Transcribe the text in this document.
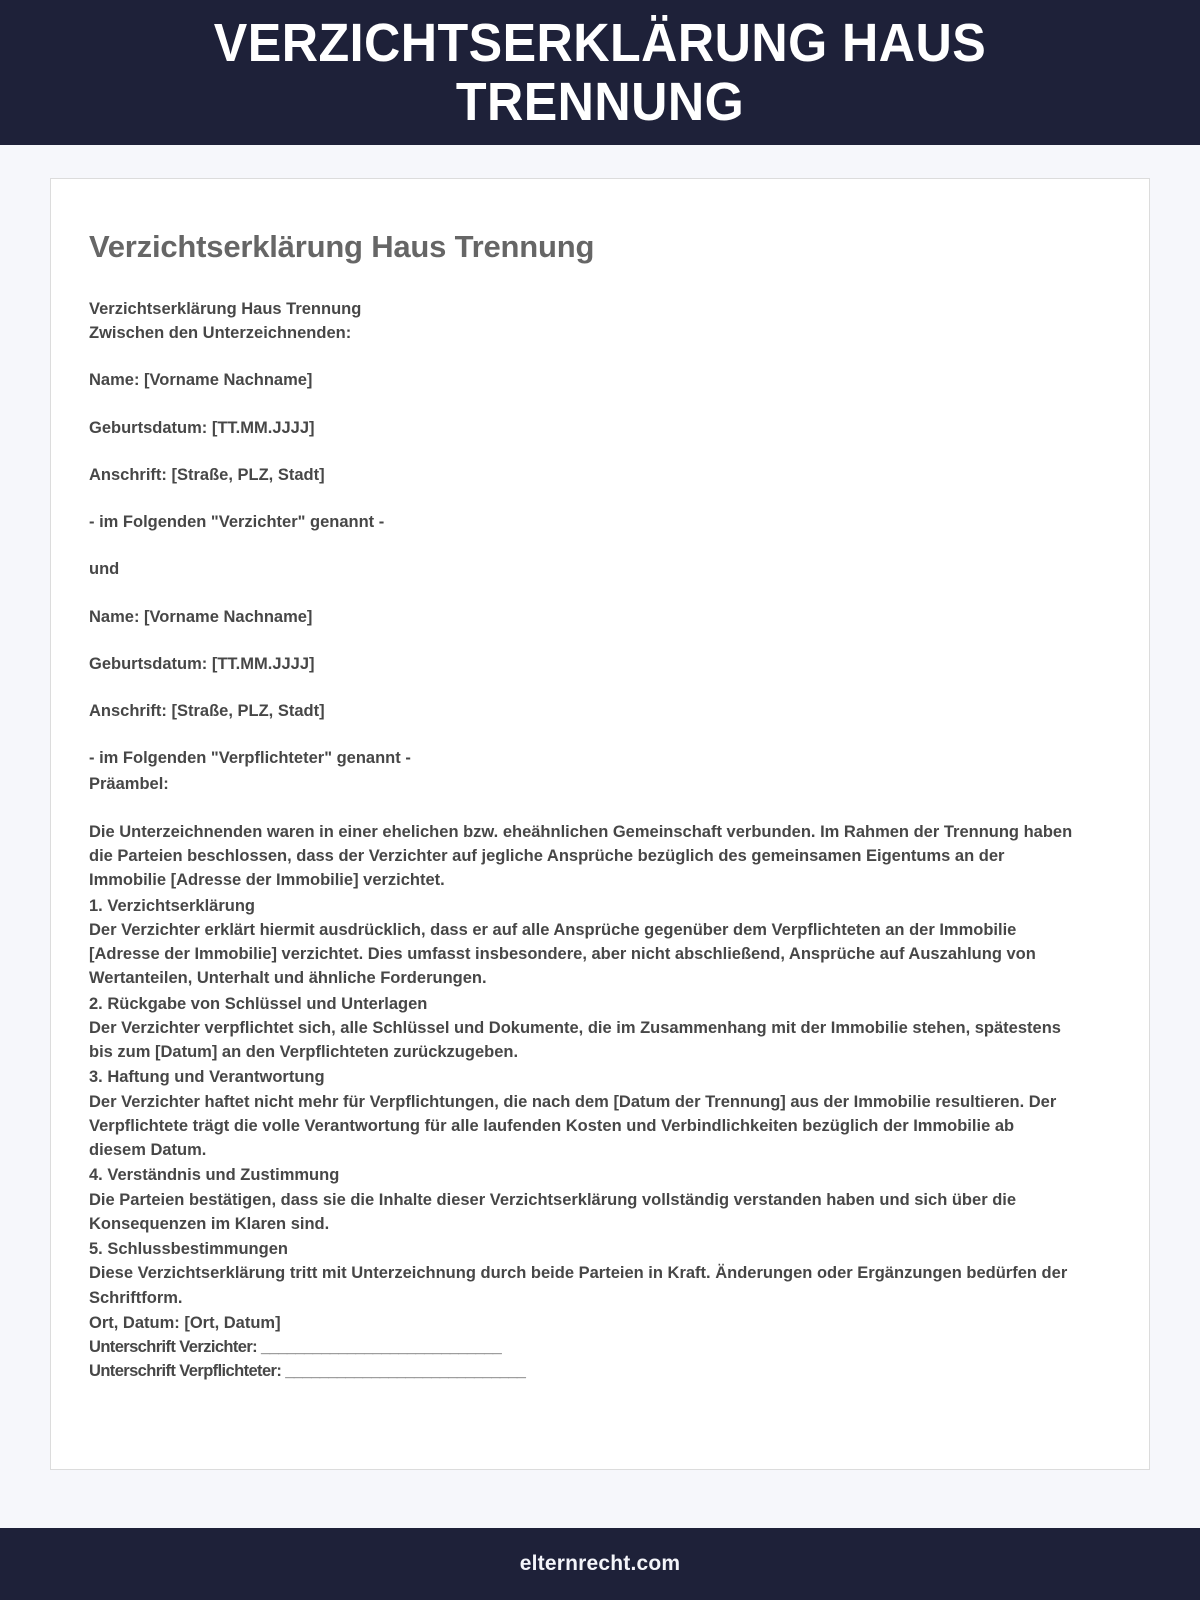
VERZICHTSERKLÄRUNG HAUS TRENNUNG
Verzichtserklärung Haus Trennung

Verzichtserklärung Haus Trennung

Zwischen den Unterzeichnenden:

Name: [Vorname Nachname]

Geburtsdatum: [TT.MM.JJJJ]

Anschrift: [Straße, PLZ, Stadt]

- im Folgenden "Verzichter" genannt -

und

Name: [Vorname Nachname]

Geburtsdatum: [TT.MM.JJJJ]

Anschrift: [Straße, PLZ, Stadt]

- im Folgenden "Verpflichteter" genannt -

Präambel:

Die Unterzeichnenden waren in einer ehelichen bzw. eheähnlichen Gemeinschaft verbunden. Im Rahmen der Trennung haben die Parteien beschlossen, dass der Verzichter auf jegliche Ansprüche bezüglich des gemeinsamen Eigentums an der Immobilie [Adresse der Immobilie] verzichtet.

1. Verzichtserklärung

Der Verzichter erklärt hiermit ausdrücklich, dass er auf alle Ansprüche gegenüber dem Verpflichteten an der Immobilie [Adresse der Immobilie] verzichtet. Dies umfasst insbesondere, aber nicht abschließend, Ansprüche auf Auszahlung von Wertanteilen, Unterhalt und ähnliche Forderungen.

2. Rückgabe von Schlüssel und Unterlagen

Der Verzichter verpflichtet sich, alle Schlüssel und Dokumente, die im Zusammenhang mit der Immobilie stehen, spätestens bis zum [Datum] an den Verpflichteten zurückzugeben.

3. Haftung und Verantwortung

Der Verzichter haftet nicht mehr für Verpflichtungen, die nach dem [Datum der Trennung] aus der Immobilie resultieren. Der Verpflichtete trägt die volle Verantwortung für alle laufenden Kosten und Verbindlichkeiten bezüglich der Immobilie ab diesem Datum.

4. Verständnis und Zustimmung

Die Parteien bestätigen, dass sie die Inhalte dieser Verzichtserklärung vollständig verstanden haben und sich über die Konsequenzen im Klaren sind.

5. Schlussbestimmungen

Diese Verzichtserklärung tritt mit Unterzeichnung durch beide Parteien in Kraft. Änderungen oder Ergänzungen bedürfen der Schriftform.

Ort, Datum: [Ort, Datum]

Unterschrift Verzichter: ____________________________

Unterschrift Verpflichteter: ____________________________

elternrecht.com
